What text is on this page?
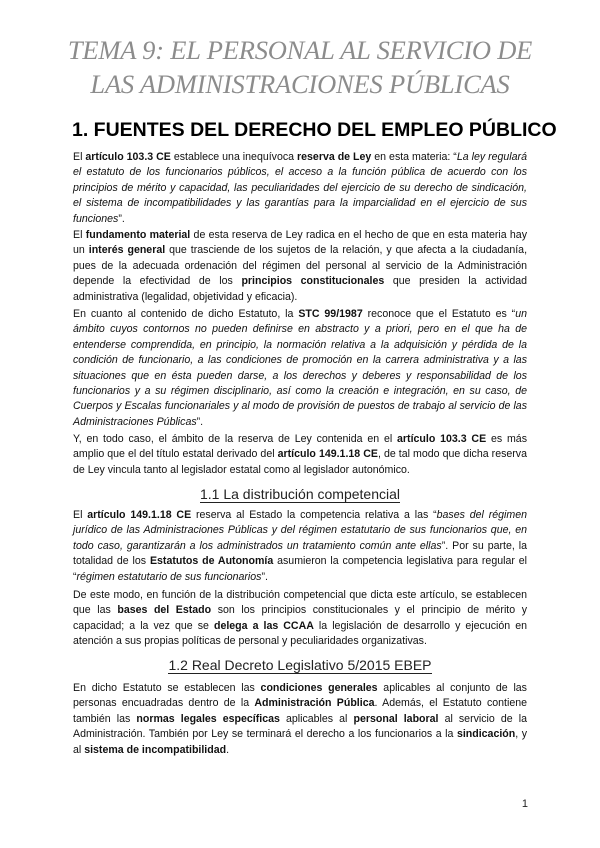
TEMA 9: EL PERSONAL AL SERVICIO DE
LAS ADMINISTRACIONES PÚBLICAS
1. FUENTES DEL DERECHO DEL EMPLEO PÚBLICO

El artículo 103.3 CE establece una inequívoca reserva de Ley en esta materia: “La ley regulará el estatuto de los funcionarios públicos, el acceso a la función pública de acuerdo con los principios de mérito y capacidad, las peculiaridades del ejercicio de su derecho de sindicación, el sistema de incompatibilidades y las garantías para la imparcialidad en el ejercicio de sus funciones”.

El fundamento material de esta reserva de Ley radica en el hecho de que en esta materia hay un interés general que trasciende de los sujetos de la relación, y que afecta a la ciudadanía, pues de la adecuada ordenación del régimen del personal al servicio de la Administración depende la efectividad de los principios constitucionales que presiden la actividad administrativa (legalidad, objetividad y eficacia).

En cuanto al contenido de dicho Estatuto, la STC 99/1987 reconoce que el Estatuto es “un ámbito cuyos contornos no pueden definirse en abstracto y a priori, pero en el que ha de entenderse comprendida, en principio, la normación relativa a la adquisición y pérdida de la condición de funcionario, a las condiciones de promoción en la carrera administrativa y a las situaciones que en ésta pueden darse, a los derechos y deberes y responsabilidad de los funcionarios y a su régimen disciplinario, así como la creación e integración, en su caso, de Cuerpos y Escalas funcionariales y al modo de provisión de puestos de trabajo al servicio de las Administraciones Públicas”.

Y, en todo caso, el ámbito de la reserva de Ley contenida en el artículo 103.3 CE es más amplio que el del título estatal derivado del artículo 149.1.18 CE, de tal modo que dicha reserva de Ley vincula tanto al legislador estatal como al legislador autonómico.

1.1 La distribución competencial

El artículo 149.1.18 CE reserva al Estado la competencia relativa a las “bases del régimen jurídico de las Administraciones Públicas y del régimen estatutario de sus funcionarios que, en todo caso, garantizarán a los administrados un tratamiento común ante ellas”. Por su parte, la totalidad de los Estatutos de Autonomía asumieron la competencia legislativa para regular el “régimen estatutario de sus funcionarios”.

De este modo, en función de la distribución competencial que dicta este artículo, se establecen que las bases del Estado son los principios constitucionales y el principio de mérito y capacidad; a la vez que se delega a las CCAA la legislación de desarrollo y ejecución en atención a sus propias políticas de personal y peculiaridades organizativas.

1.2 Real Decreto Legislativo 5/2015 EBEP

En dicho Estatuto se establecen las condiciones generales aplicables al conjunto de las personas encuadradas dentro de la Administración Pública. Además, el Estatuto contiene también las normas legales específicas aplicables al personal laboral al servicio de la Administración. También por Ley se terminará el derecho a los funcionarios a la sindicación, y al sistema de incompatibilidad.

1
